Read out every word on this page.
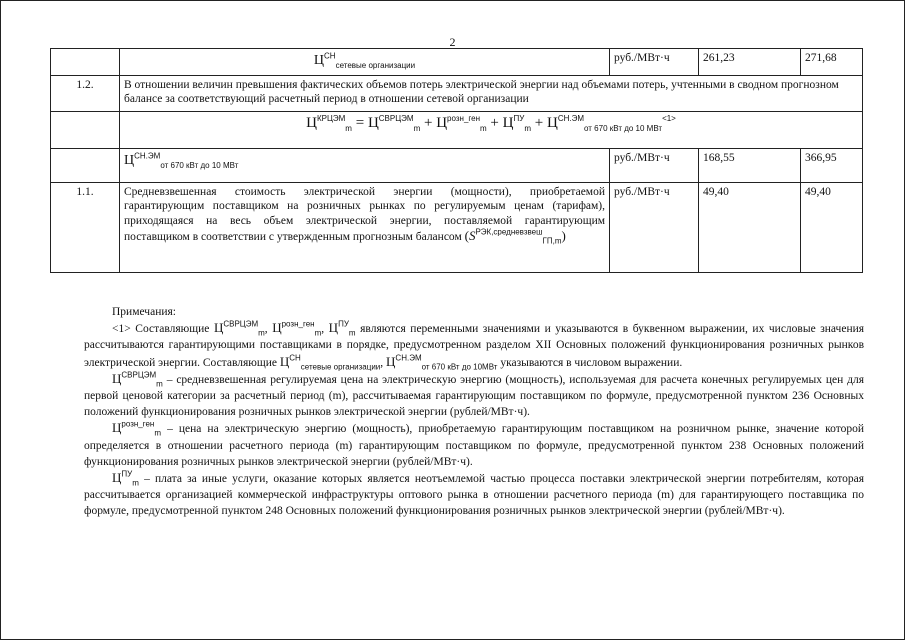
2
	$Ц^{СН}_{сетевые организации}$	руб./МВт·ч	261,23	271,68
1.2.	В отношении величин превышения фактических объемов потерь электрической энергии над объемами потерь, учтенными в сводном прогнозном балансе за соответствующий расчетный период в отношении сетевой организации			
	$Ц^{КРЦЭМ}_m = Ц^{СВРЦЭМ}_m + Ц^{розн\_ген}_m + Ц^{ПУ}_m + Ц^{СН.ЭМ}_{от 670 кВт до 10 МВт}^{<1>}$
	$Ц^{СН.ЭМ}_{от 670 кВт до 10 МВт}$	руб./МВт·ч	168,55	366,95
1.1.	Средневзвешенная стоимость электрической энергии (мощности), приобретаемой гарантирующим поставщиком на розничных рынках по регулируемым ценам (тарифам), приходящаяся на весь объем электрической энергии, поставляемой гарантирующим поставщиком в соответствии с утвержденным прогнозным балансом $(S^{РЭК,средневзвеш}_{ГП,m})$	руб./МВт·ч	49,40	49,40

Примечания:

<1> Составляющие $Ц^{СВРЦЭМ}_m$, $Ц^{розн\_ген}_m$, $Ц^{ПУ}_m$ являются переменными значениями и указываются в буквенном выражении, их числовые значения рассчитываются гарантирующими поставщиками в порядке, предусмотренном разделом XII Основных положений функционирования розничных рынков электрической энергии. Составляющие $Ц^{СН}_{сетевые организации}$, $Ц^{СН.ЭМ}_{от 670 кВт до 10МВт}$ указываются в числовом выражении.

$Ц^{СВРЦЭМ}_m$ – средневзвешенная регулируемая цена на электрическую энергию (мощность), используемая для расчета конечных регулируемых цен для первой ценовой категории за расчетный период (m), рассчитываемая гарантирующим поставщиком по формуле, предусмотренной пунктом 236 Основных положений функционирования розничных рынков электрической энергии (рублей/МВт·ч).

$Ц^{розн\_ген}_m$ – цена на электрическую энергию (мощность), приобретаемую гарантирующим поставщиком на розничном рынке, значение которой определяется в отношении расчетного периода (m) гарантирующим поставщиком по формуле, предусмотренной пунктом 238 Основных положений функционирования розничных рынков электрической энергии (рублей/МВт·ч).

$Ц^{ПУ}_m$ – плата за иные услуги, оказание которых является неотъемлемой частью процесса поставки электрической энергии потребителям, которая рассчитывается организацией коммерческой инфраструктуры оптового рынка в отношении расчетного периода (m) для гарантирующего поставщика по формуле, предусмотренной пунктом 248 Основных положений функционирования розничных рынков электрической энергии (рублей/МВт·ч).
